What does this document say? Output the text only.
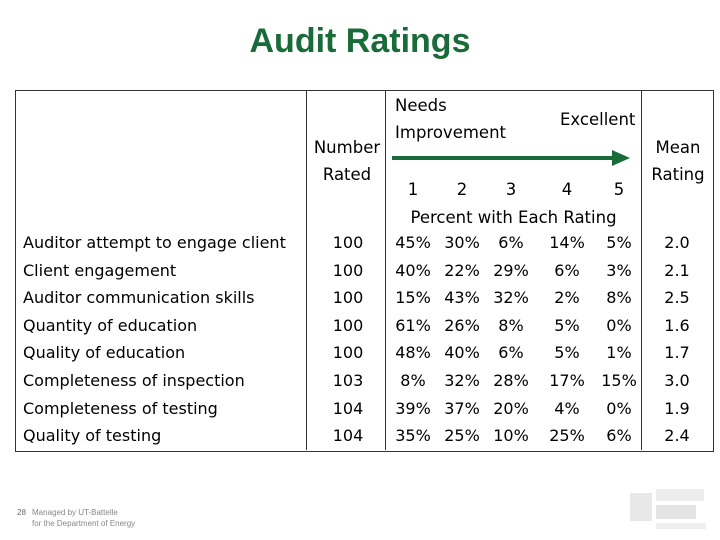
Audit Ratings
Number
Rated
Needs
Improvement
Excellent
Mean
Rating
1	2	3	4	5
Percent with Each Rating
Auditor attempt to engage client	100	45% 30%	6%	14%	5%	2.0
Client engagement	100	40% 22% 29%	6%	3%	2.1
Auditor communication skills	100	15% 43% 32%	2%	8%	2.5
Quantity of education	100	61% 26%	8%	5%	0%	1.6
Quality of education	100	48% 40%	6%	5%	1%	1.7
Completeness of inspection	103	8%	32% 28%	17%	15%	3.0
Completeness of testing	104	39% 37% 20%	4%	0%	1.9
Quality of testing	104	35% 25% 10%	25%	6%	2.4
28 Managed by UT-Battelle
for the Department of Energy
